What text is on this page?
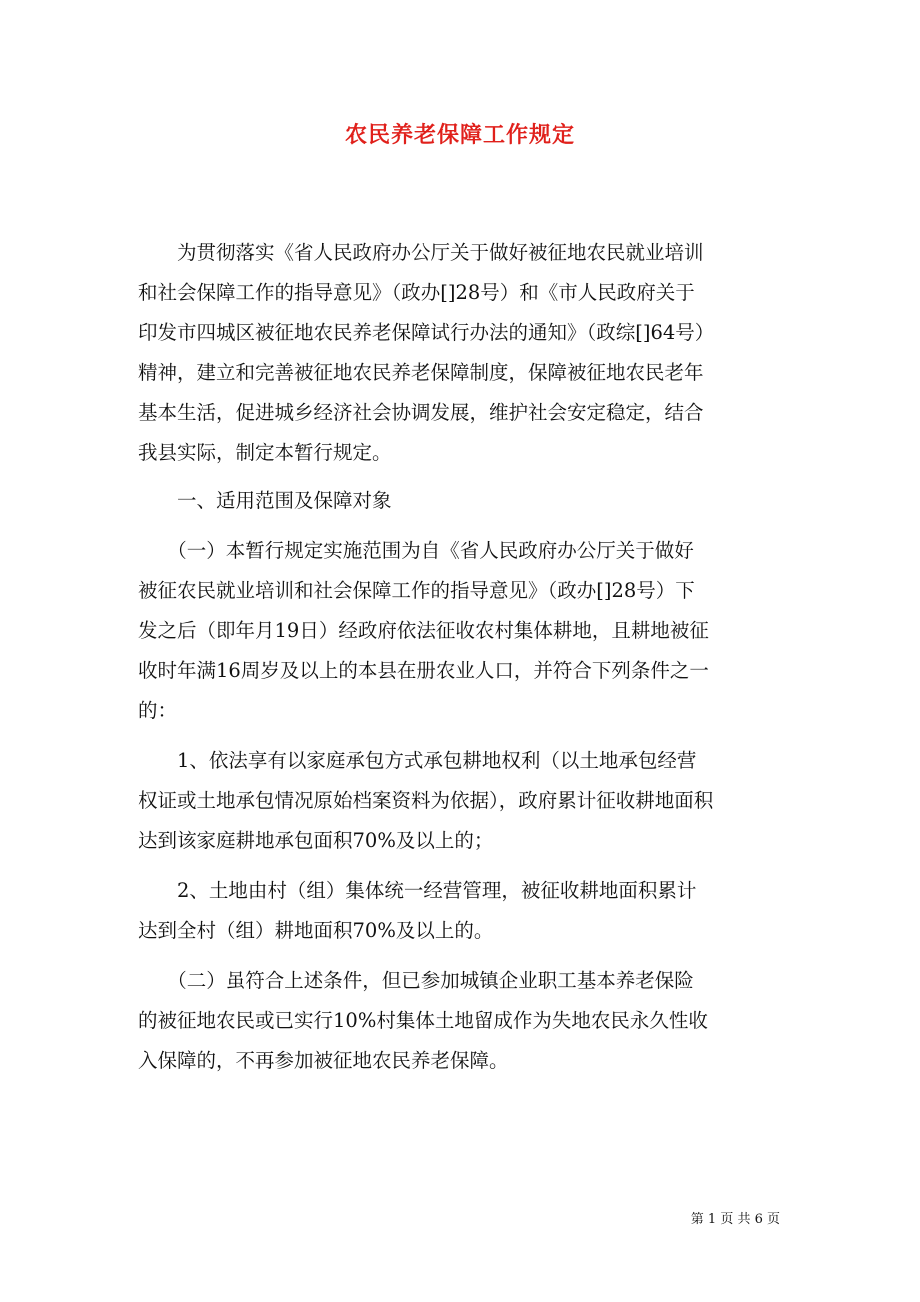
农民养老保障工作规定
　　为贯彻落实《省人民政府办公厅关于做好被征地农民就业培训
和社会保障工作的指导意见》（政办[]28号）和《市人民政府关于
印发市四城区被征地农民养老保障试行办法的通知》（政综[]64号）
精神，建立和完善被征地农民养老保障制度，保障被征地农民老年
基本生活，促进城乡经济社会协调发展，维护社会安定稳定，结合
我县实际，制定本暂行规定。
　　一、适用范围及保障对象
　　（一）本暂行规定实施范围为自《省人民政府办公厅关于做好
被征农民就业培训和社会保障工作的指导意见》（政办[]28号）下
发之后（即年月19日）经政府依法征收农村集体耕地，且耕地被征
收时年满16周岁及以上的本县在册农业人口，并符合下列条件之一
的：
　　1、依法享有以家庭承包方式承包耕地权利（以土地承包经营
权证或土地承包情况原始档案资料为依据），政府累计征收耕地面积
达到该家庭耕地承包面积70%及以上的；
　　2、土地由村（组）集体统一经营管理，被征收耕地面积累计
达到全村（组）耕地面积70%及以上的。
　　（二）虽符合上述条件，但已参加城镇企业职工基本养老保险
的被征地农民或已实行10%村集体土地留成作为失地农民永久性收
入保障的，不再参加被征地农民养老保障。
第 1 页 共 6 页
